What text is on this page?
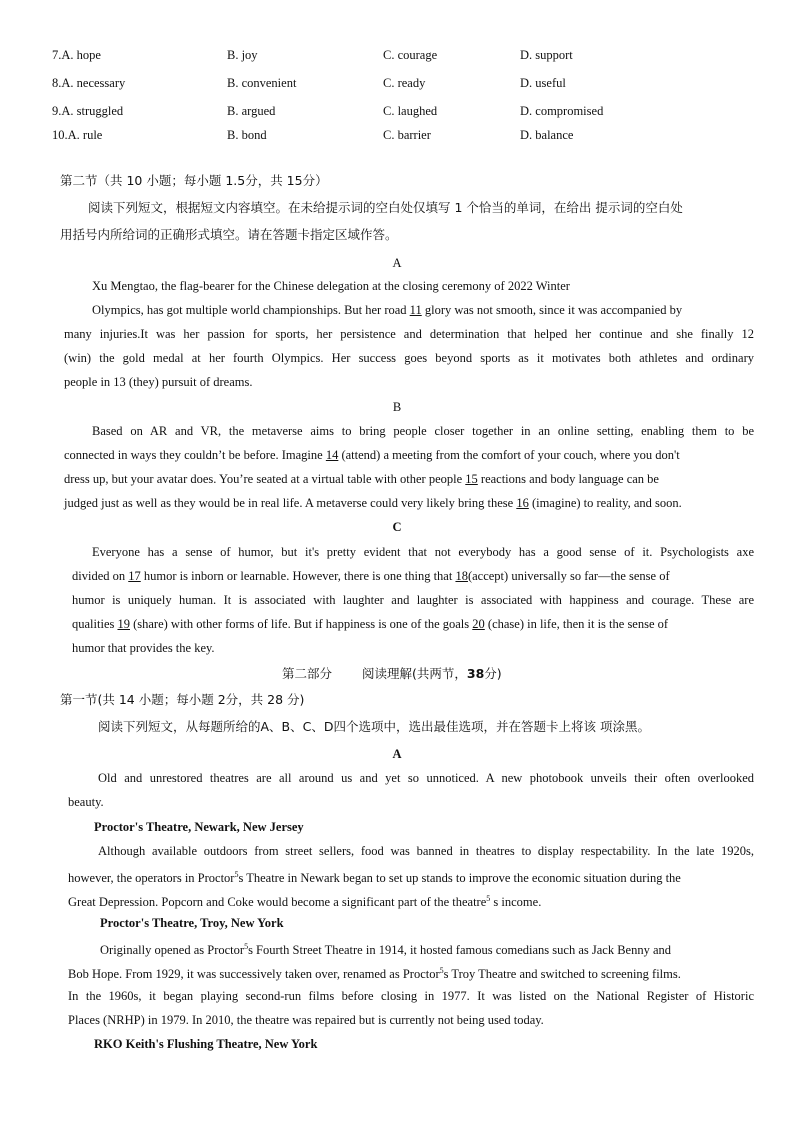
7.A. hope	B. joy	C. courage	D. support
8.A. necessary	B. convenient	C. ready	D. useful
9.A. struggled	B. argued	C. laughed	D. compromised
10.A. rule	B. bond	C. barrier	D. balance
第二节（共 10 小题；每小题 1.5分，共 15分）
阅读下列短文，根据短文内容填空。在未给提示词的空白处仅填写 1 个恰当的单词，在给出 提示词的空白处
用括号内所给词的正确形式填空。请在答题卡指定区域作答。
A
Xu Mengtao, the flag-bearer for the Chinese delegation at the closing ceremony of 2022 Winter
Olympics, has got multiple world championships. But her road 11 glory was not smooth, since it was accompanied by
many injuries.It was her passion for sports, her persistence and determination that helped her continue and she finally 12
(win) the gold medal at her fourth Olympics. Her success goes beyond sports as it motivates both athletes and ordinary
people in 13 (they) pursuit of dreams.
B
Based on AR and VR, the metaverse aims to bring people closer together in an online setting, enabling them to be
connected in ways they couldn’t be before. Imagine 14 (attend) a meeting from the comfort of your couch, where you don't
dress up, but your avatar does. You’re seated at a virtual table with other people 15 reactions and body language can be
judged just as well as they would be in real life. A metaverse could very likely bring these 16 (imagine) to reality, and soon.
C
Everyone has a sense of humor, but it's pretty evident that not everybody has a good sense of it. Psychologists axe
divided on 17 humor is inborn or learnable. However, there is one thing that 18(accept) universally so far—the sense of
humor is uniquely human. It is associated with laughter and laughter is associated with happiness and courage. These are
qualities 19 (share) with other forms of life. But if happiness is one of the goals 20 (chase) in life, then it is the sense of
humor that provides the key.
第二部分 阅读理解(共两节，38分)
第一节(共 14 小题；每小题 2分，共 28 分)
阅读下列短文，从每题所给的A、B、C、D四个选项中，选出最佳选项，并在答题卡上将该 项涂黑。
A
Old and unrestored theatres are all around us and yet so unnoticed. A new photobook unveils their often overlooked
beauty.
Proctor's Theatre, Newark, New Jersey
Although available outdoors from street sellers, food was banned in theatres to display respectability. In the late 1920s,
however, the operators in Proctor$^5$s Theatre in Newark began to set up stands to improve the economic situation during the
Great Depression. Popcorn and Coke would become a significant part of the theatre$^5$ s income.
Proctor's Theatre, Troy, New York
Originally opened as Proctor$^5$s Fourth Street Theatre in 1914, it hosted famous comedians such as Jack Benny and
Bob Hope. From 1929, it was successively taken over, renamed as Proctor$^5$s Troy Theatre and switched to screening films.
In the 1960s, it began playing second-run films before closing in 1977. It was listed on the National Register of Historic
Places (NRHP) in 1979. In 2010, the theatre was repaired but is currently not being used today.
RKO Keith's Flushing Theatre, New York
